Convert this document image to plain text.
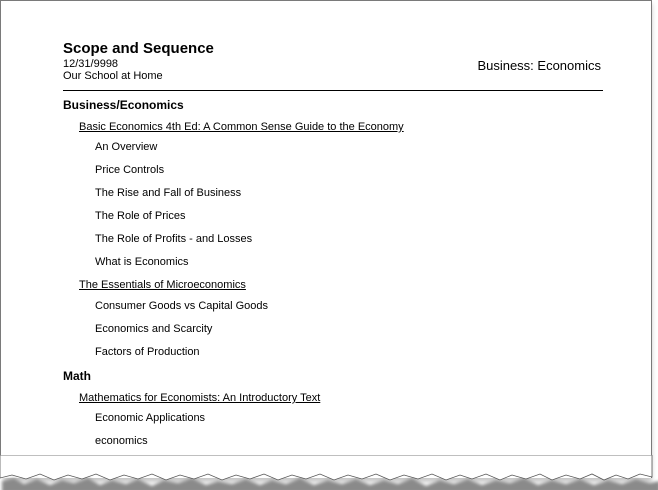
Scope and Sequence
12/31/9998
Our School at Home
Business: Economics
Business/Economics
Basic Economics 4th Ed: A Common Sense Guide to the Economy
An Overview
Price Controls
The Rise and Fall of Business
The Role of Prices
The Role of Profits - and Losses
What is Economics
The Essentials of Microeconomics
Consumer Goods vs Capital Goods
Economics and Scarcity
Factors of Production
Math
Mathematics for Economists: An Introductory Text
Economic Applications
economics
